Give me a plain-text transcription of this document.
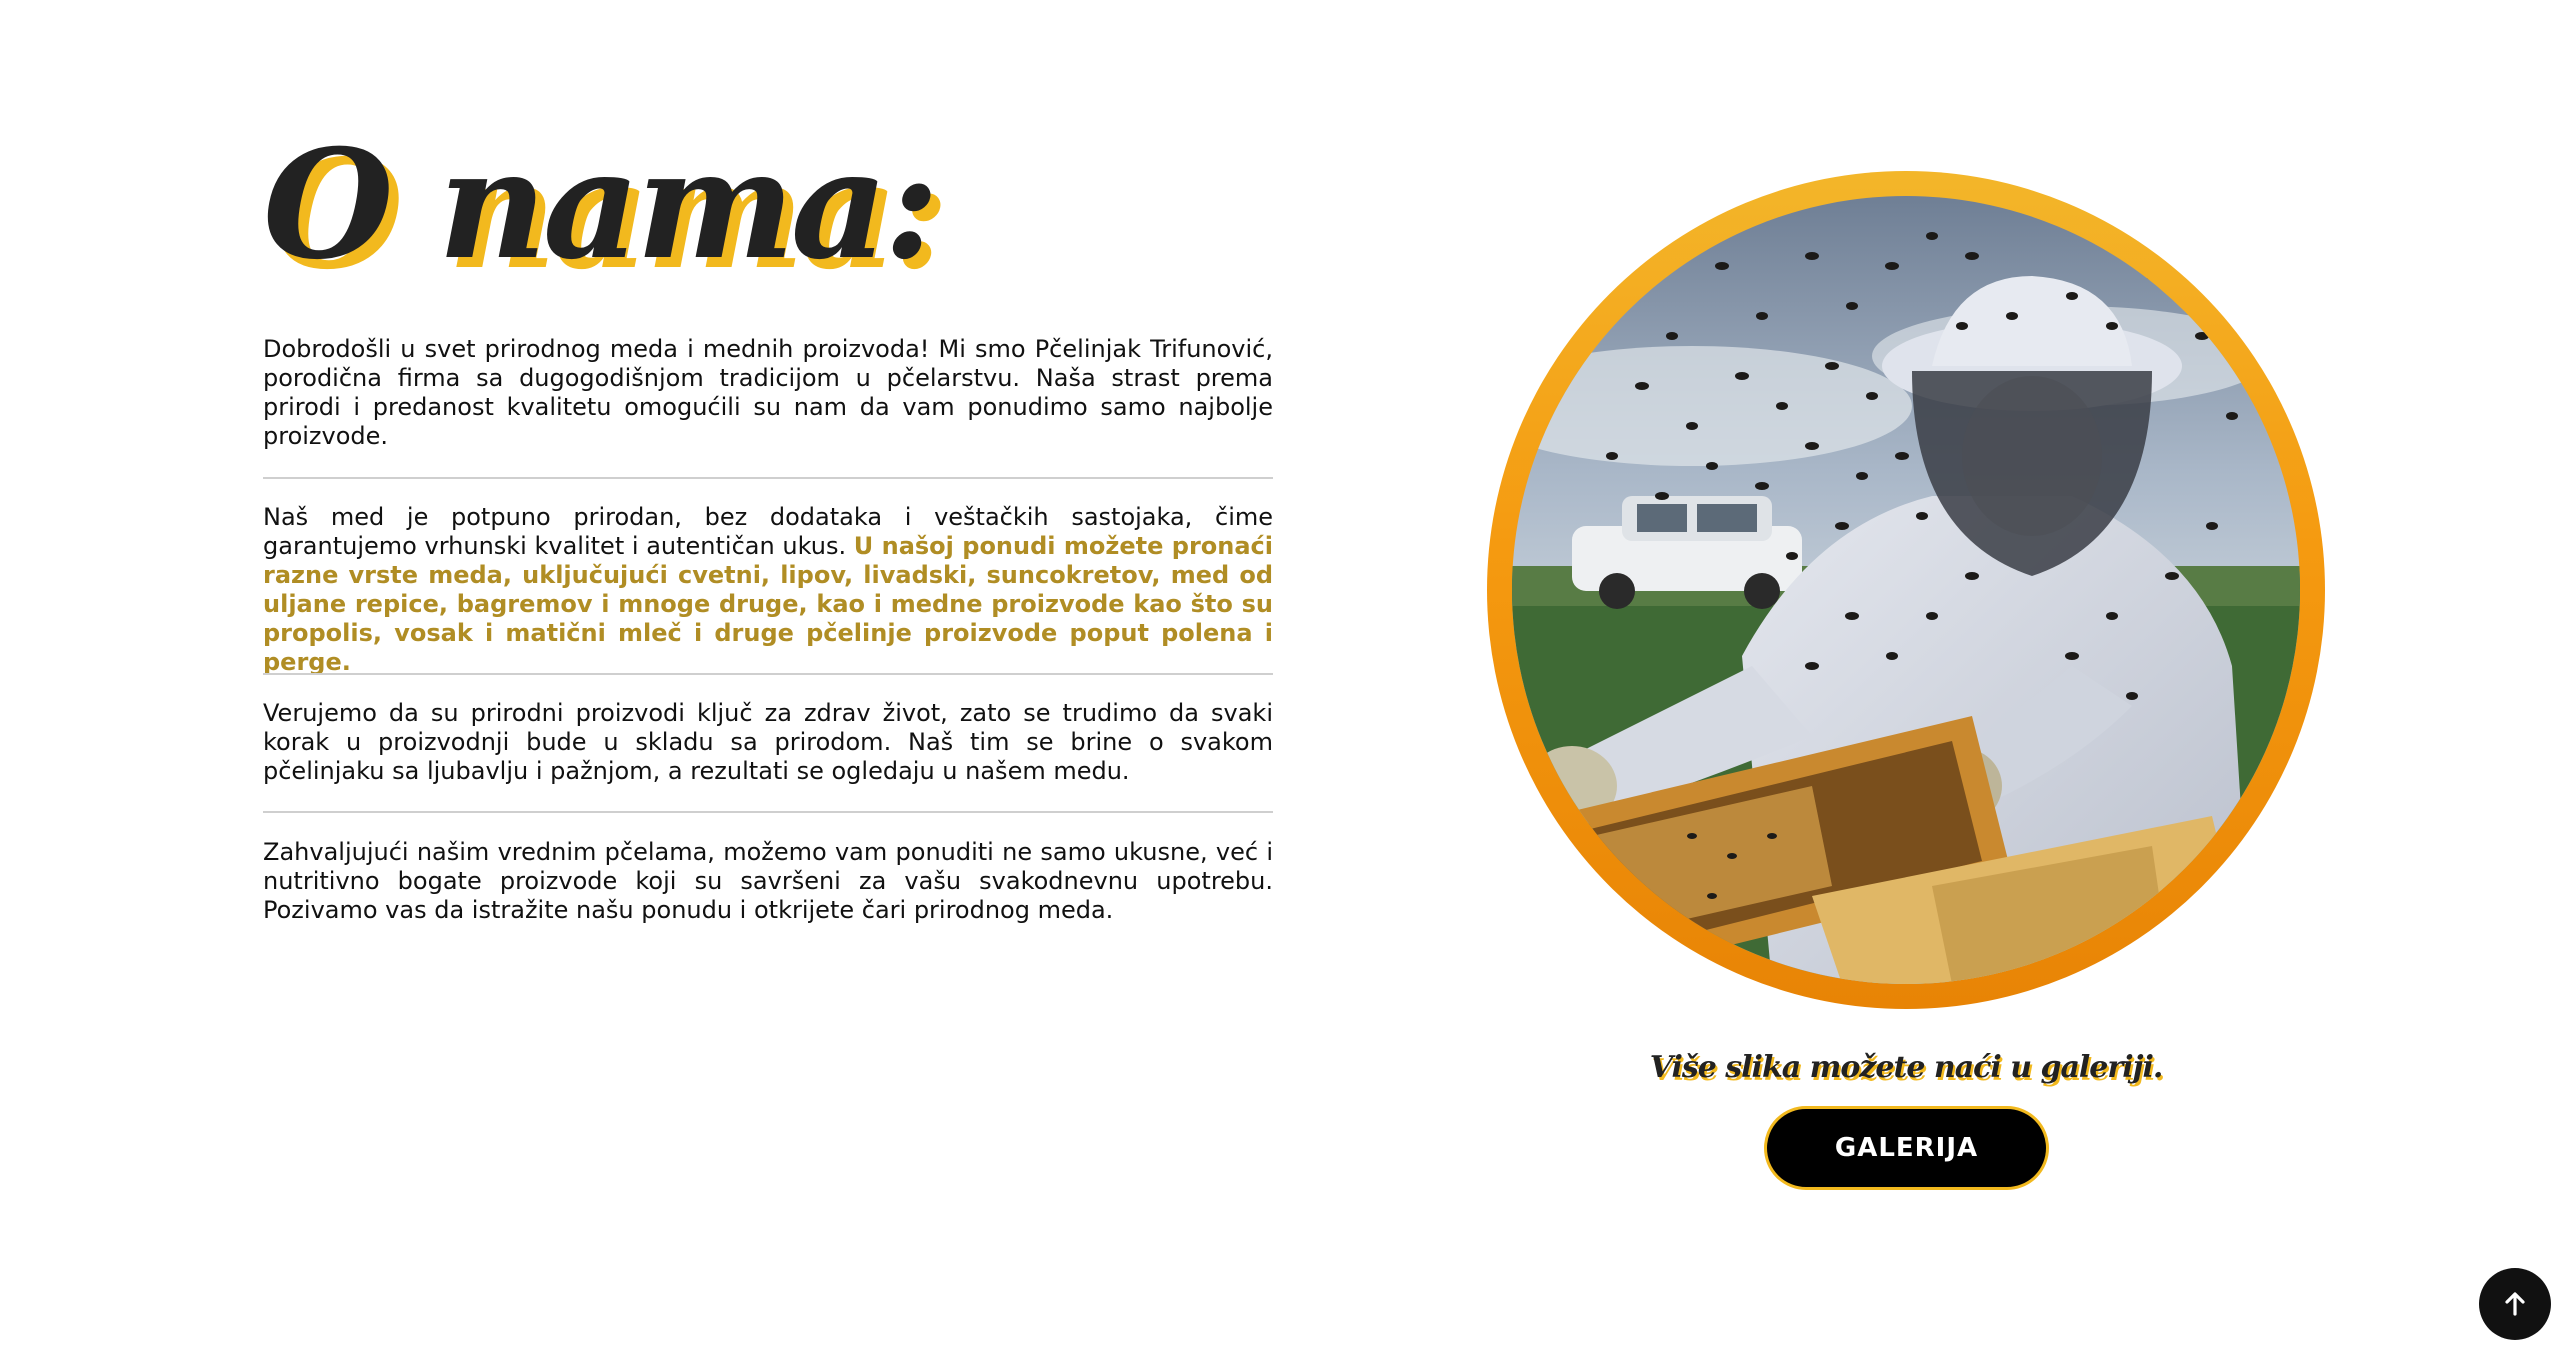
O nama:

Dobrodošli u svet prirodnog meda i mednih proizvoda! Mi smo Pčelinjak Trifunović, porodična firma sa dugogodišnjom tradicijom u pčelarstvu. Naša strast prema prirodi i predanost kvalitetu omogućili su nam da vam ponudimo samo najbolje proizvode.

Naš med je potpuno prirodan, bez dodataka i veštačkih sastojaka, čime garantujemo vrhunski kvalitet i autentičan ukus. U našoj ponudi možete pronaći razne vrste meda, uključujući cvetni, lipov, livadski, suncokretov, med od uljane repice, bagremov i mnoge druge, kao i medne proizvode kao što su propolis, vosak i matični mleč i druge pčelinje proizvode poput polena i perge.

Verujemo da su prirodni proizvodi ključ za zdrav život, zato se trudimo da svaki korak u proizvodnji bude u skladu sa prirodom. Naš tim se brine o svakom pčelinjaku sa ljubavlju i pažnjom, a rezultati se ogledaju u našem medu.

Zahvaljujući našim vrednim pčelama, možemo vam ponuditi ne samo ukusne, već i nutritivno bogate proizvode koji su savršeni za vašu svakodnevnu upotrebu. Pozivamo vas da istražite našu ponudu i otkrijete čari prirodnog meda.

Više slika možete naći u galeriji.
GALERIJA
